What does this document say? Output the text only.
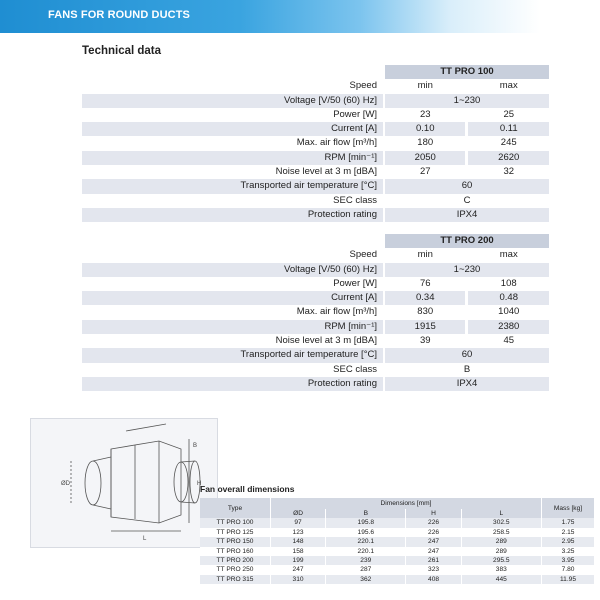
FANS FOR ROUND DUCTS
Technical data
		TT PRO 100		
Speed		min		max
Voltage [V/50 (60) Hz]		1~230		
Power [W]		23		25
Current [A]		0.10		0.11
Max. air flow [m³/h]		180		245
RPM [min⁻¹]		2050		2620
Noise level at 3 m [dBA]		27		32
Transported air temperature [°C]		60		
SEC class		C		
Protection rating		IPX4		
		TT PRO 200		
Speed		min		max
Voltage [V/50 (60) Hz]		1~230		
Power [W]		76		108
Current [A]		0.34		0.48
Max. air flow [m³/h]		830		1040
RPM [min⁻¹]		1915		2380
Noise level at 3 m [dBA]		39		45
Transported air temperature [°C]		60		
SEC class		B		
Protection rating		IPX4		
ØD
B
H
L
Fan overall dimensions
Type	Dimensions [mm]				Mass [kg]
	ØD	B	H	L	
TT PRO 100	97	195.8	226	302.5	1.75
TT PRO 125	123	195.6	226	258.5	2.15
TT PRO 150	148	220.1	247	289	2.95
TT PRO 160	158	220.1	247	289	3.25
TT PRO 200	199	239	261	295.5	3.95
TT PRO 250	247	287	323	383	7.80
TT PRO 315	310	362	408	445	11.95
